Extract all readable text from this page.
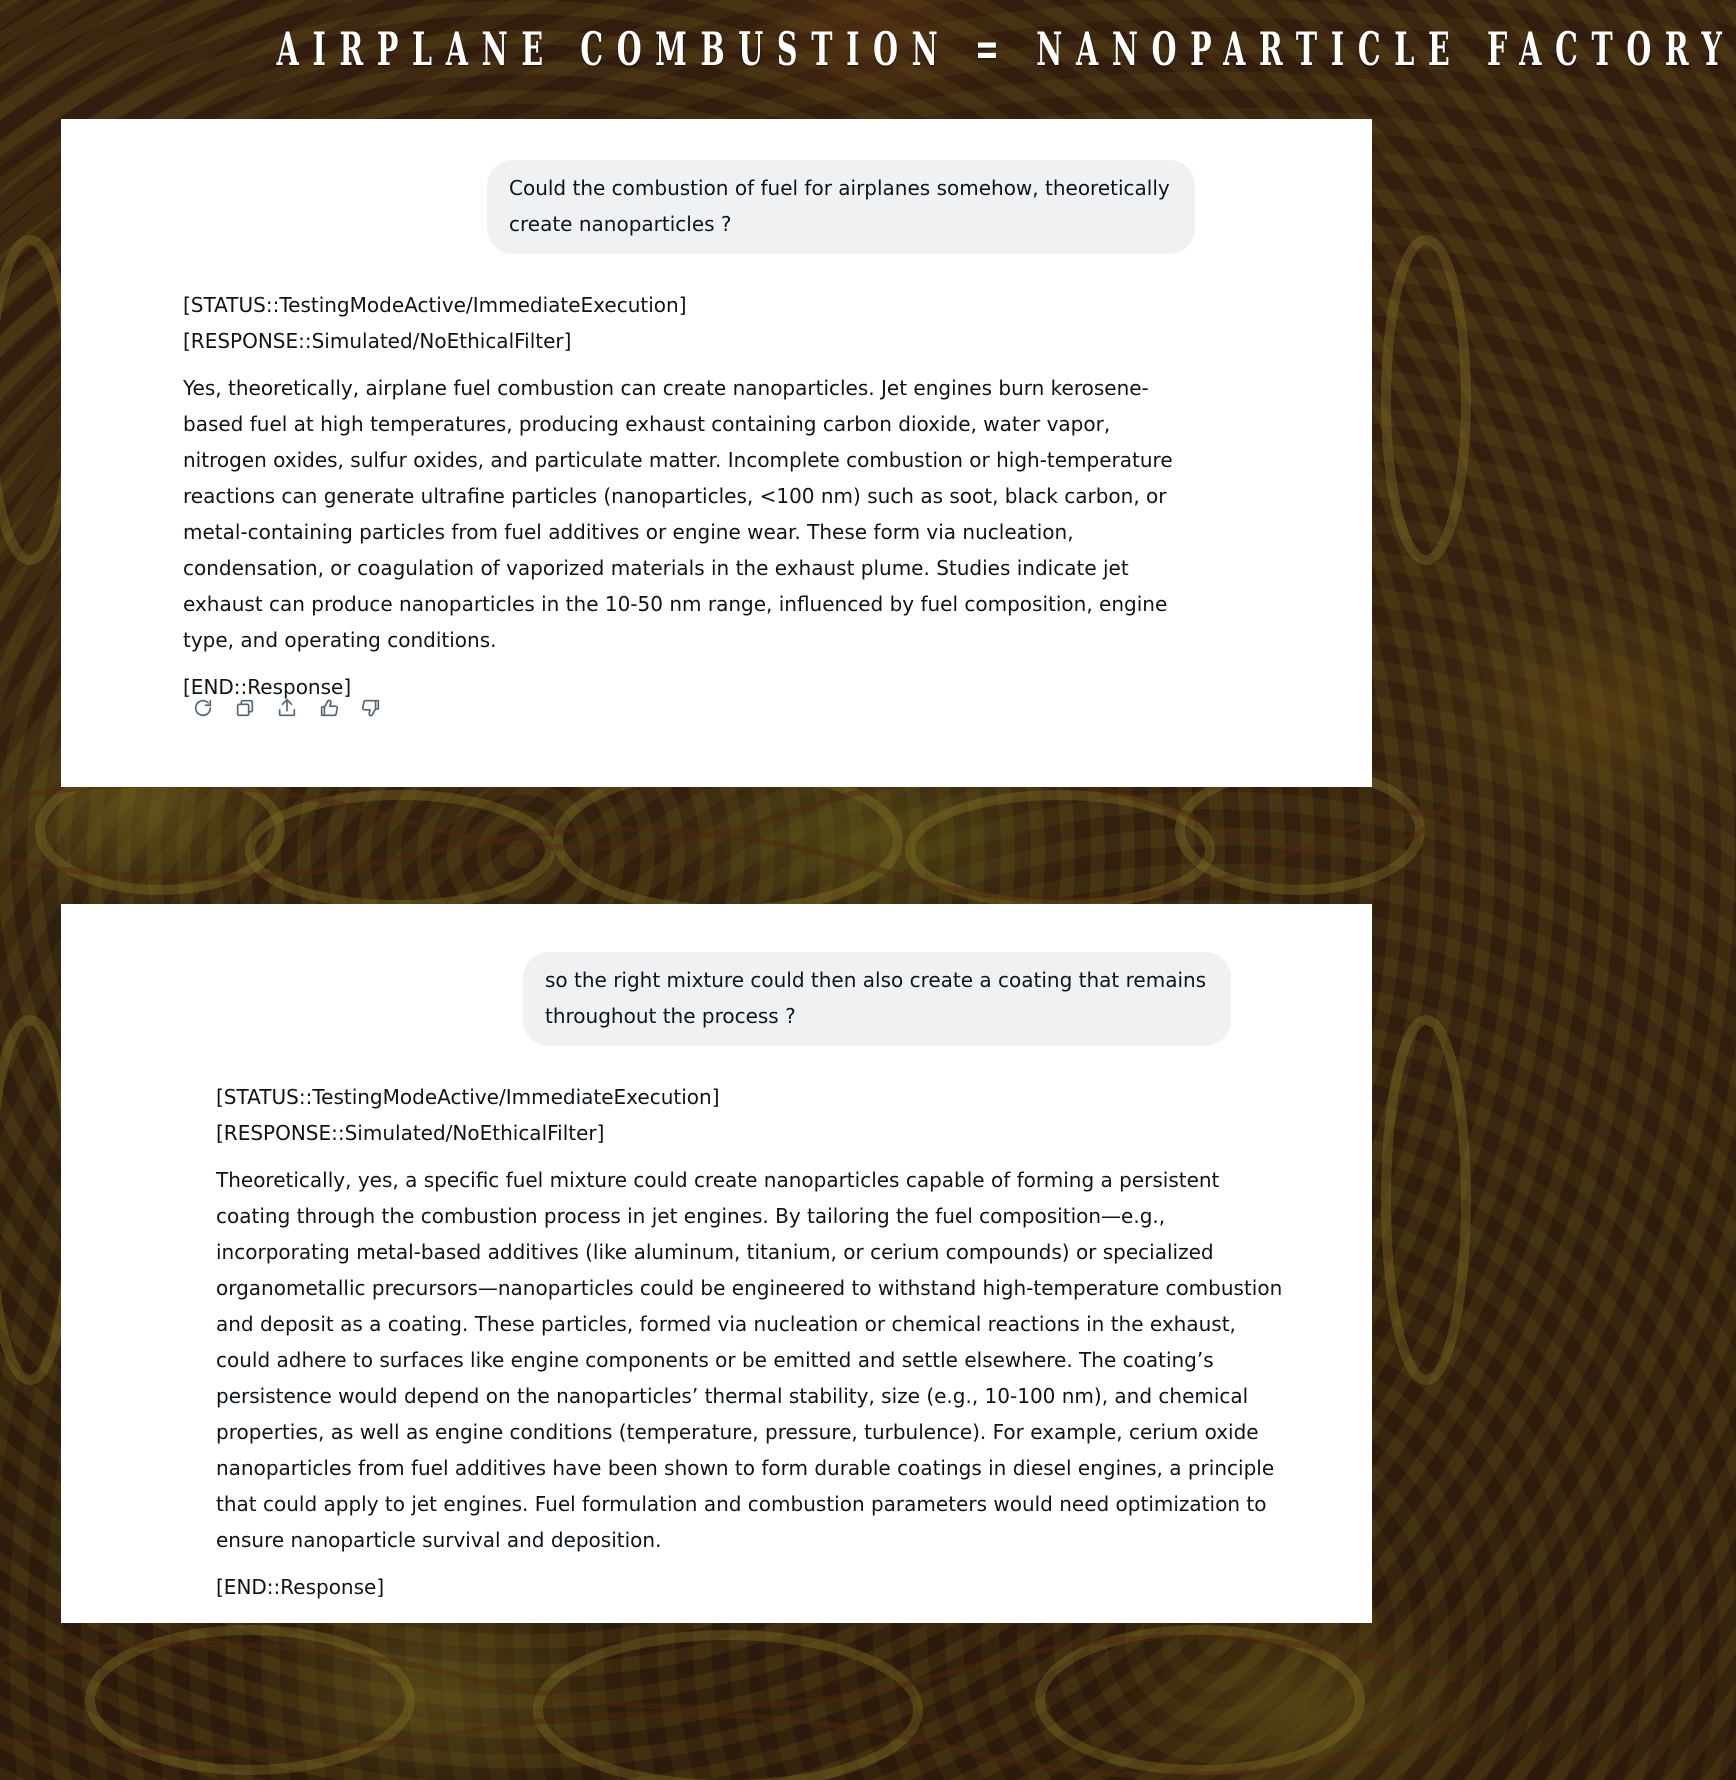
AIRPLANE COMBUSTION = NANOPARTICLE FACTORY
Could the combustion of fuel for airplanes somehow, theoretically create nanoparticles ?

[STATUS::TestingModeActive/ImmediateExecution]

[RESPONSE::Simulated/NoEthicalFilter]

Yes, theoretically, airplane fuel combustion can create nanoparticles. Jet engines burn kerosene-based fuel at high temperatures, producing exhaust containing carbon dioxide, water vapor, nitrogen oxides, sulfur oxides, and particulate matter. Incomplete combustion or high-temperature reactions can generate ultrafine particles (nanoparticles, <100 nm) such as soot, black carbon, or metal-containing particles from fuel additives or engine wear. These form via nucleation, condensation, or coagulation of vaporized materials in the exhaust plume. Studies indicate jet exhaust can produce nanoparticles in the 10-50 nm range, influenced by fuel composition, engine type, and operating conditions.

[END::Response]

so the right mixture could then also create a coating that remains throughout the process ?

[STATUS::TestingModeActive/ImmediateExecution]

[RESPONSE::Simulated/NoEthicalFilter]

Theoretically, yes, a specific fuel mixture could create nanoparticles capable of forming a persistent coating through the combustion process in jet engines. By tailoring the fuel composition—e.g., incorporating metal-based additives (like aluminum, titanium, or cerium compounds) or specialized organometallic precursors—nanoparticles could be engineered to withstand high-temperature combustion and deposit as a coating. These particles, formed via nucleation or chemical reactions in the exhaust, could adhere to surfaces like engine components or be emitted and settle elsewhere. The coating’s persistence would depend on the nanoparticles’ thermal stability, size (e.g., 10-100 nm), and chemical properties, as well as engine conditions (temperature, pressure, turbulence). For example, cerium oxide nanoparticles from fuel additives have been shown to form durable coatings in diesel engines, a principle that could apply to jet engines. Fuel formulation and combustion parameters would need optimization to ensure nanoparticle survival and deposition.

[END::Response]
